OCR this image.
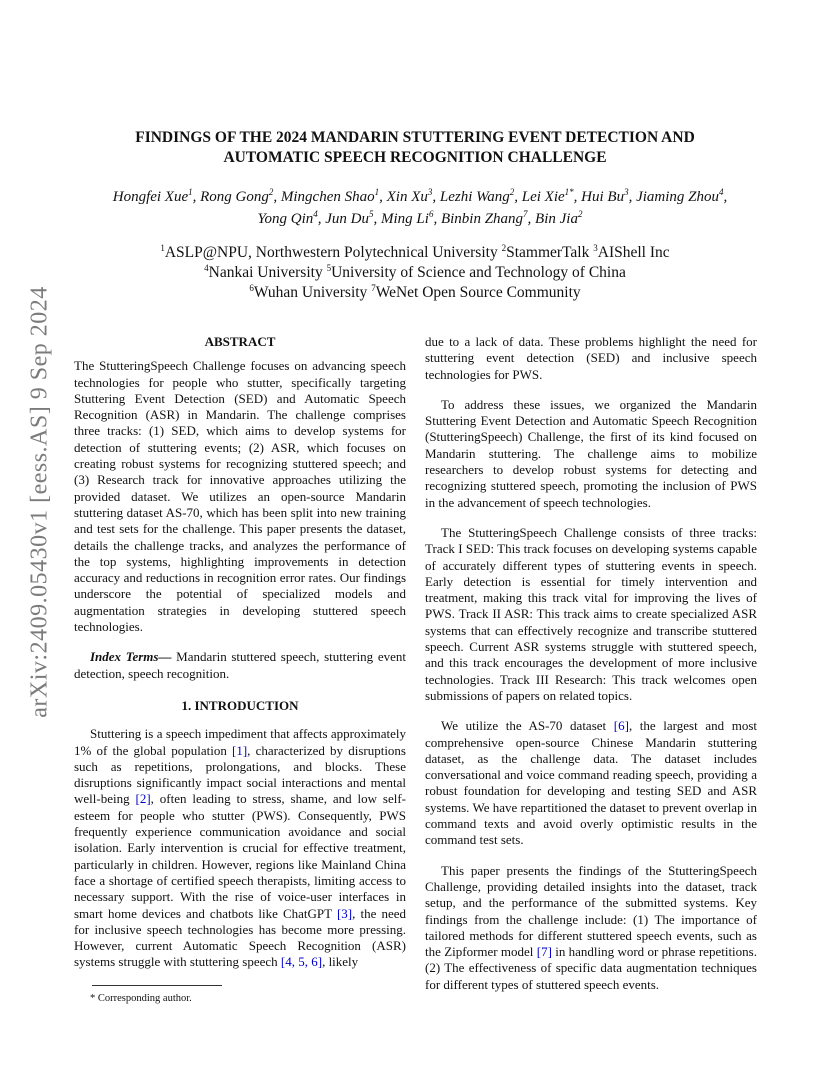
arXiv:2409.05430v1 [eess.AS] 9 Sep 2024
FINDINGS OF THE 2024 MANDARIN STUTTERING EVENT DETECTION AND
AUTOMATIC SPEECH RECOGNITION CHALLENGE
Hongfei Xue$^1$, Rong Gong$^2$, Mingchen Shao$^1$, Xin Xu$^3$, Lezhi Wang$^2$, Lei Xie$^{1*}$, Hui Bu$^3$, Jiaming Zhou$^4$,
Yong Qin$^4$, Jun Du$^5$, Ming Li$^6$, Binbin Zhang$^7$, Bin Jia$^2$
$^1$ASLP@NPU, Northwestern Polytechnical University $^2$StammerTalk $^3$AIShell Inc
$^4$Nankai University $^5$University of Science and Technology of China
$^6$Wuhan University $^7$WeNet Open Source Community
ABSTRACT

The StutteringSpeech Challenge focuses on advancing speech technologies for people who stutter, specifically targeting Stuttering Event Detection (SED) and Automatic Speech Recognition (ASR) in Mandarin. The challenge comprises three tracks: (1) SED, which aims to develop systems for detection of stuttering events; (2) ASR, which focuses on creating robust systems for recognizing stuttered speech; and (3) Research track for innovative approaches utilizing the provided dataset. We utilizes an open-source Mandarin stuttering dataset AS-70, which has been split into new training and test sets for the challenge. This paper presents the dataset, details the challenge tracks, and analyzes the performance of the top systems, highlighting improvements in detection accuracy and reductions in recognition error rates. Our findings underscore the potential of specialized models and augmentation strategies in developing stuttered speech technologies.

Index Terms— Mandarin stuttered speech, stuttering event detection, speech recognition.

1. INTRODUCTION

Stuttering is a speech impediment that affects approximately 1% of the global population [1], characterized by disruptions such as repetitions, prolongations, and blocks. These disruptions significantly impact social interactions and mental well-being [2], often leading to stress, shame, and low self-esteem for people who stutter (PWS). Consequently, PWS frequently experience communication avoidance and social isolation. Early intervention is crucial for effective treatment, particularly in children. However, regions like Mainland China face a shortage of certified speech therapists, limiting access to necessary support. With the rise of voice-user interfaces in smart home devices and chatbots like ChatGPT [3], the need for inclusive speech technologies has become more pressing. However, current Automatic Speech Recognition (ASR) systems struggle with stuttering speech [4, 5, 6], likely

* Corresponding author.

due to a lack of data. These problems highlight the need for stuttering event detection (SED) and inclusive speech technologies for PWS.

To address these issues, we organized the Mandarin Stuttering Event Detection and Automatic Speech Recognition (StutteringSpeech) Challenge, the first of its kind focused on Mandarin stuttering. The challenge aims to mobilize researchers to develop robust systems for detecting and recognizing stuttered speech, promoting the inclusion of PWS in the advancement of speech technologies.

The StutteringSpeech Challenge consists of three tracks: Track I SED: This track focuses on developing systems capable of accurately different types of stuttering events in speech. Early detection is essential for timely intervention and treatment, making this track vital for improving the lives of PWS. Track II ASR: This track aims to create specialized ASR systems that can effectively recognize and transcribe stuttered speech. Current ASR systems struggle with stuttered speech, and this track encourages the development of more inclusive technologies. Track III Research: This track welcomes open submissions of papers on related topics.

We utilize the AS-70 dataset [6], the largest and most comprehensive open-source Chinese Mandarin stuttering dataset, as the challenge data. The dataset includes conversational and voice command reading speech, providing a robust foundation for developing and testing SED and ASR systems. We have repartitioned the dataset to prevent overlap in command texts and avoid overly optimistic results in the command test sets.

This paper presents the findings of the StutteringSpeech Challenge, providing detailed insights into the dataset, track setup, and the performance of the submitted systems. Key findings from the challenge include: (1) The importance of tailored methods for different stuttered speech events, such as the Zipformer model [7] in handling word or phrase repetitions. (2) The effectiveness of specific data augmentation techniques for different types of stuttered speech events.
